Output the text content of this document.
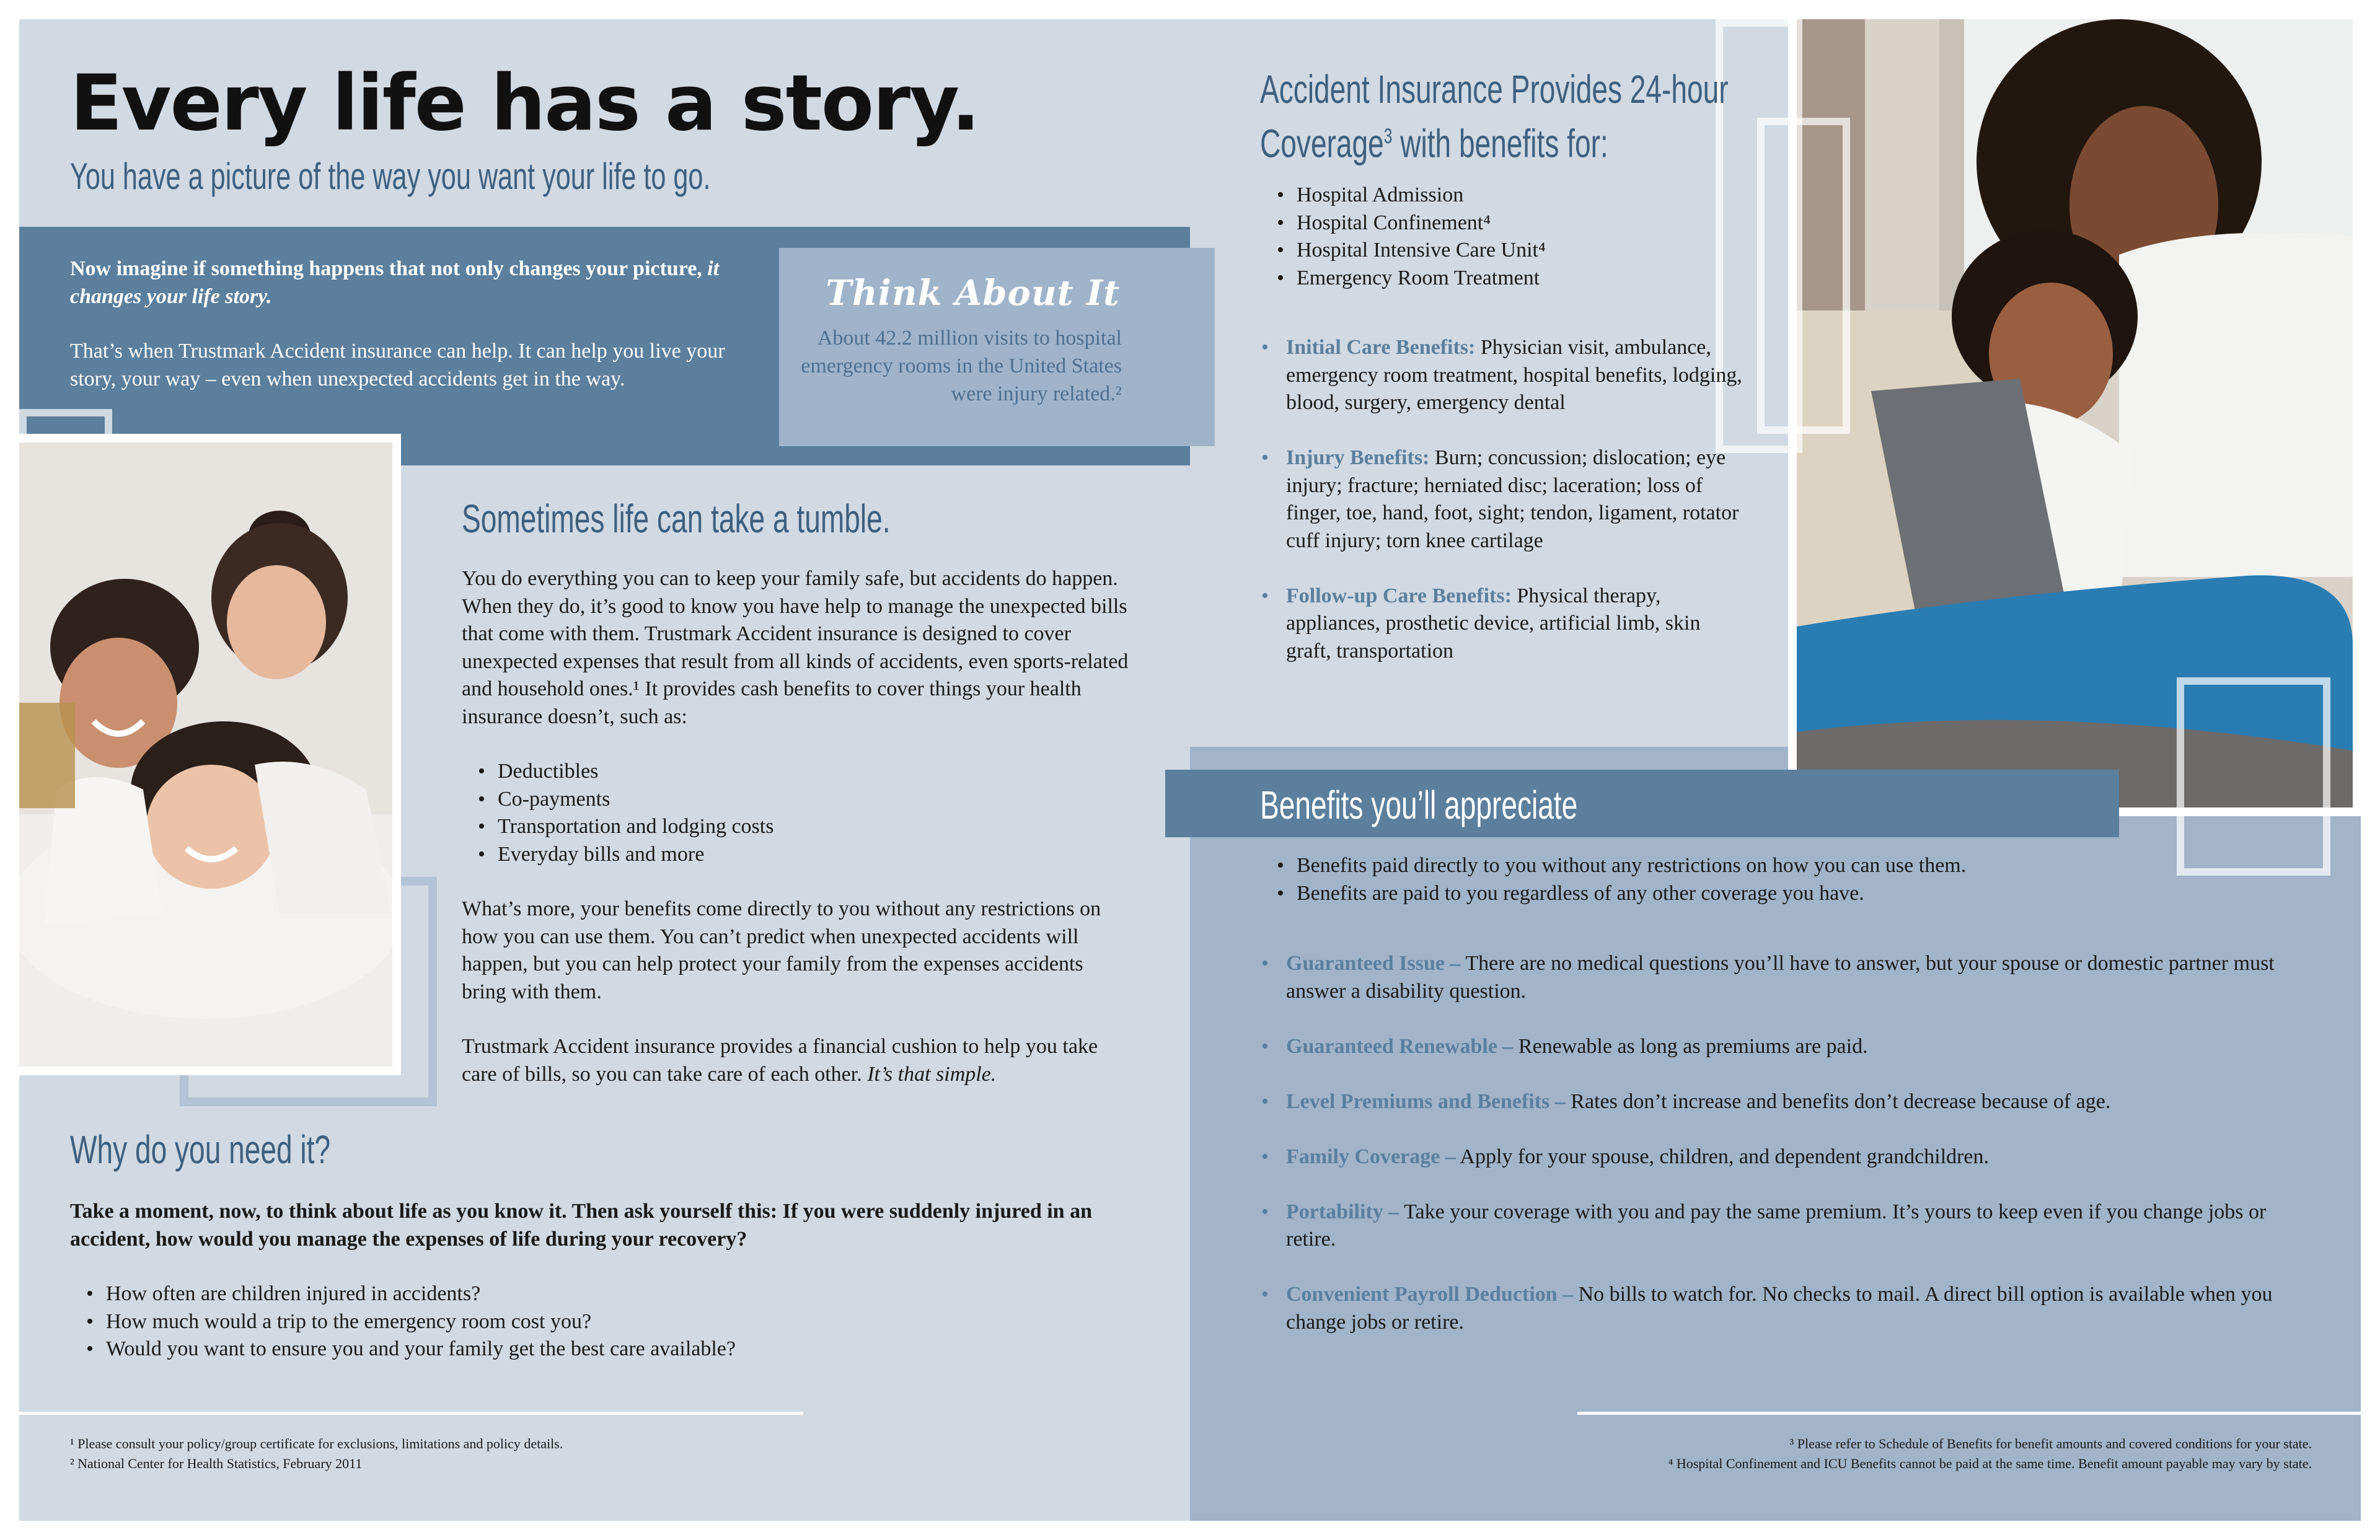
Every life has a story.
You have a picture of the way you want your life to go.
Now imagine if something happens that not only changes your picture, it changes your life story.
That’s when Trustmark Accident insurance can help. It can help you live your story, your way – even when unexpected accidents get in the way.
Think About It
About 42.2 million visits to hospital emergency rooms in the United States were injury related.²
Sometimes life can take a tumble.
You do everything you can to keep your family safe, but accidents do happen. When they do, it’s good to know you have help to manage the unexpected bills that come with them. Trustmark Accident insurance is designed to cover unexpected expenses that result from all kinds of accidents, even sports-related and household ones.¹ It provides cash benefits to cover things your health insurance doesn’t, such as:
• Deductibles
• Co-payments
• Transportation and lodging costs
• Everyday bills and more
What’s more, your benefits come directly to you without any restrictions on how you can use them. You can’t predict when unexpected accidents will happen, but you can help protect your family from the expenses accidents bring with them.
Trustmark Accident insurance provides a financial cushion to help you take care of bills, so you can take care of each other. It’s that simple.
Why do you need it?
Take a moment, now, to think about life as you know it. Then ask yourself this: If you were suddenly injured in an accident, how would you manage the expenses of life during your recovery?
• How often are children injured in accidents?
• How much would a trip to the emergency room cost you?
• Would you want to ensure you and your family get the best care available?
¹ Please consult your policy/group certificate for exclusions, limitations and policy details.
² National Center for Health Statistics, February 2011
Accident Insurance Provides 24-hour
Coverage$^3$ with benefits for:
• Hospital Admission
• Hospital Confinement⁴
• Hospital Intensive Care Unit⁴
• Emergency Room Treatment
• Initial Care Benefits: Physician visit, ambulance, emergency room treatment, hospital benefits, lodging, blood, surgery, emergency dental
• Injury Benefits: Burn; concussion; dislocation; eye injury; fracture; herniated disc; laceration; loss of finger, toe, hand, foot, sight; tendon, ligament, rotator cuff injury; torn knee cartilage
• Follow-up Care Benefits: Physical therapy, appliances, prosthetic device, artificial limb, skin graft, transportation
Benefits you’ll appreciate
• Benefits paid directly to you without any restrictions on how you can use them.
• Benefits are paid to you regardless of any other coverage you have.
• Guaranteed Issue – There are no medical questions you’ll have to answer, but your spouse or domestic partner must answer a disability question.
• Guaranteed Renewable – Renewable as long as premiums are paid.
• Level Premiums and Benefits – Rates don’t increase and benefits don’t decrease because of age.
• Family Coverage – Apply for your spouse, children, and dependent grandchildren.
• Portability – Take your coverage with you and pay the same premium. It’s yours to keep even if you change jobs or retire.
• Convenient Payroll Deduction – No bills to watch for. No checks to mail. A direct bill option is available when you change jobs or retire.
³ Please refer to Schedule of Benefits for benefit amounts and covered conditions for your state.
⁴ Hospital Confinement and ICU Benefits cannot be paid at the same time. Benefit amount payable may vary by state.
